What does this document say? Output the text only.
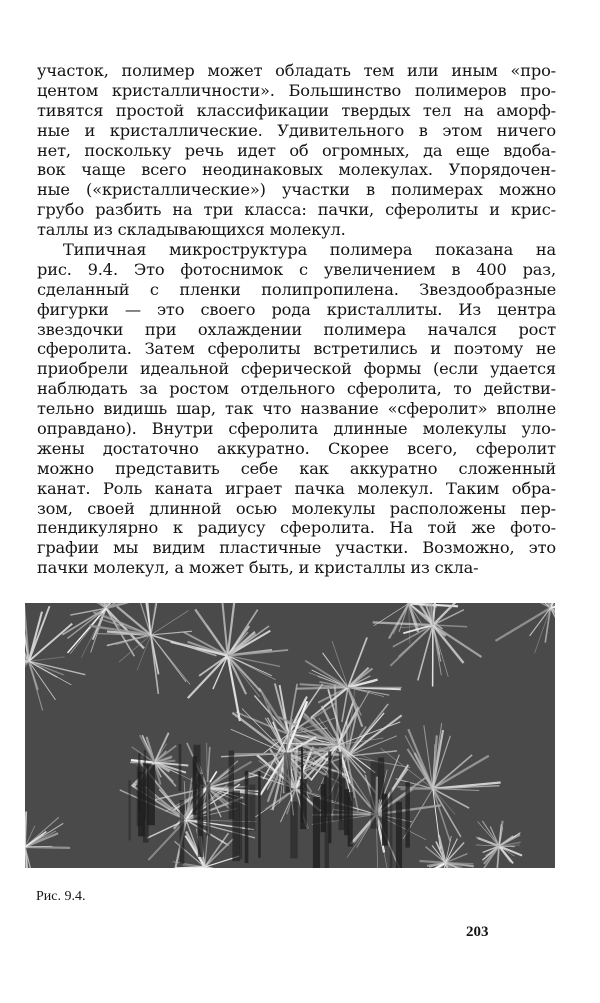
участок, полимер может обладать тем или иным «про-
центом кристалличности». Большинство полимеров про-
тивятся простой классификации твердых тел на аморф-
ные и кристаллические. Удивительного в этом ничего
нет, поскольку речь идет об огромных, да еще вдоба-
вок чаще всего неодинаковых молекулах. Упорядочен-
ные («кристаллические») участки в полимерах можно
грубо разбить на три класса: пачки, сферолиты и крис-
таллы из складывающихся молекул.
Типичная микроструктура полимера показана на
рис. 9.4. Это фотоснимок с увеличением в 400 раз,
сделанный с пленки полипропилена. Звездообразные
фигурки — это своего рода кристаллиты. Из центра
звездочки при охлаждении полимера начался рост
сферолита. Затем сферолиты встретились и поэтому не
приобрели идеальной сферической формы (если удается
наблюдать за ростом отдельного сферолита, то действи-
тельно видишь шар, так что название «сферолит» вполне
оправдано). Внутри сферолита длинные молекулы уло-
жены достаточно аккуратно. Скорее всего, сферолит
можно представить себе как аккуратно сложенный
канат. Роль каната играет пачка молекул. Таким обра-
зом, своей длинной осью молекулы расположены пер-
пендикулярно к радиусу сферолита. На той же фото-
графии мы видим пластичные участки. Возможно, это
пачки молекул, а может быть, и кристаллы из скла-
Рис. 9.4.
203
